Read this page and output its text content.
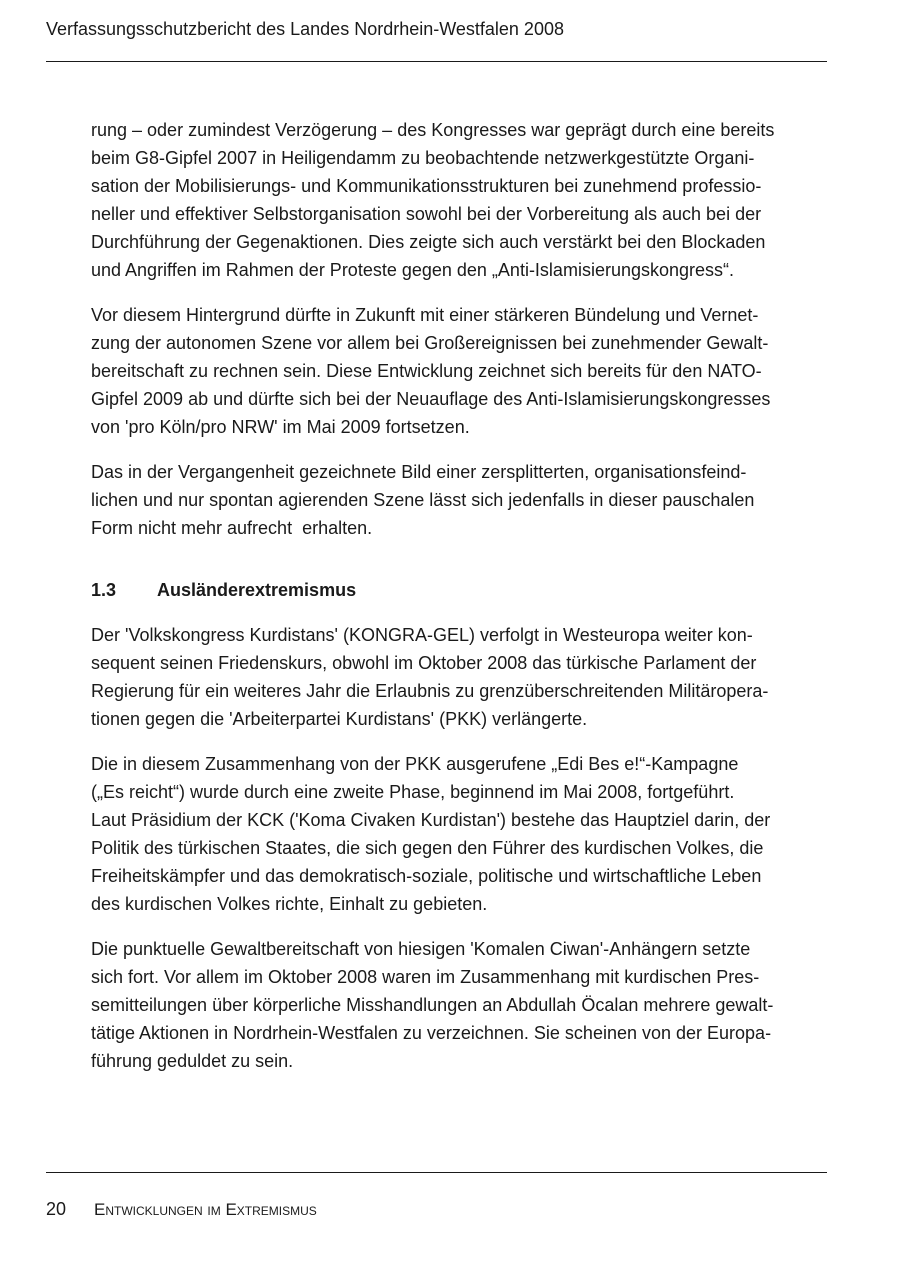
Verfassungsschutzbericht des Landes Nordrhein-Westfalen 2008

rung – oder zumindest Verzögerung – des Kongresses war geprägt durch eine bereits
beim G8-Gipfel 2007 in Heiligendamm zu beobachtende netzwerkgestützte Organi-
sation der Mobilisierungs- und Kommunikationsstrukturen bei zunehmend professio-
neller und effektiver Selbstorganisation sowohl bei der Vorbereitung als auch bei der
Durchführung der Gegenaktionen. Dies zeigte sich auch verstärkt bei den Blockaden
und Angriffen im Rahmen der Proteste gegen den „Anti-Islamisierungskongress“.

Vor diesem Hintergrund dürfte in Zukunft mit einer stärkeren Bündelung und Vernet-
zung der autonomen Szene vor allem bei Großereignissen bei zunehmender Gewalt-
bereitschaft zu rechnen sein. Diese Entwicklung zeichnet sich bereits für den NATO-
Gipfel 2009 ab und dürfte sich bei der Neuauflage des Anti-Islamisierungskongresses
von 'pro Köln/pro NRW' im Mai 2009 fortsetzen.

Das in der Vergangenheit gezeichnete Bild einer zersplitterten, organisationsfeind-
lichen und nur spontan agierenden Szene lässt sich jedenfalls in dieser pauschalen
Form nicht mehr aufrecht  erhalten.

1.3 Ausländerextremismus

Der 'Volkskongress Kurdistans' (KONGRA-GEL) verfolgt in Westeuropa weiter kon-
sequent seinen Friedenskurs, obwohl im Oktober 2008 das türkische Parlament der
Regierung für ein weiteres Jahr die Erlaubnis zu grenzüberschreitenden Militäropera-
tionen gegen die 'Arbeiterpartei Kurdistans' (PKK) verlängerte.

Die in diesem Zusammenhang von der PKK ausgerufene „Edi Bes e!“-Kampagne
(„Es reicht“) wurde durch eine zweite Phase, beginnend im Mai 2008, fortgeführt.
Laut Präsidium der KCK ('Koma Civaken Kurdistan') bestehe das Hauptziel darin, der
Politik des türkischen Staates, die sich gegen den Führer des kurdischen Volkes, die
Freiheitskämpfer und das demokratisch-soziale, politische und wirtschaftliche Leben
des kurdischen Volkes richte, Einhalt zu gebieten.

Die punktuelle Gewaltbereitschaft von hiesigen 'Komalen Ciwan'-Anhängern setzte
sich fort. Vor allem im Oktober 2008 waren im Zusammenhang mit kurdischen Pres-
semitteilungen über körperliche Misshandlungen an Abdullah Öcalan mehrere gewalt-
tätige Aktionen in Nordrhein-Westfalen zu verzeichnen. Sie scheinen von der Europa-
führung geduldet zu sein.

20 Entwicklungen im Extremismus
